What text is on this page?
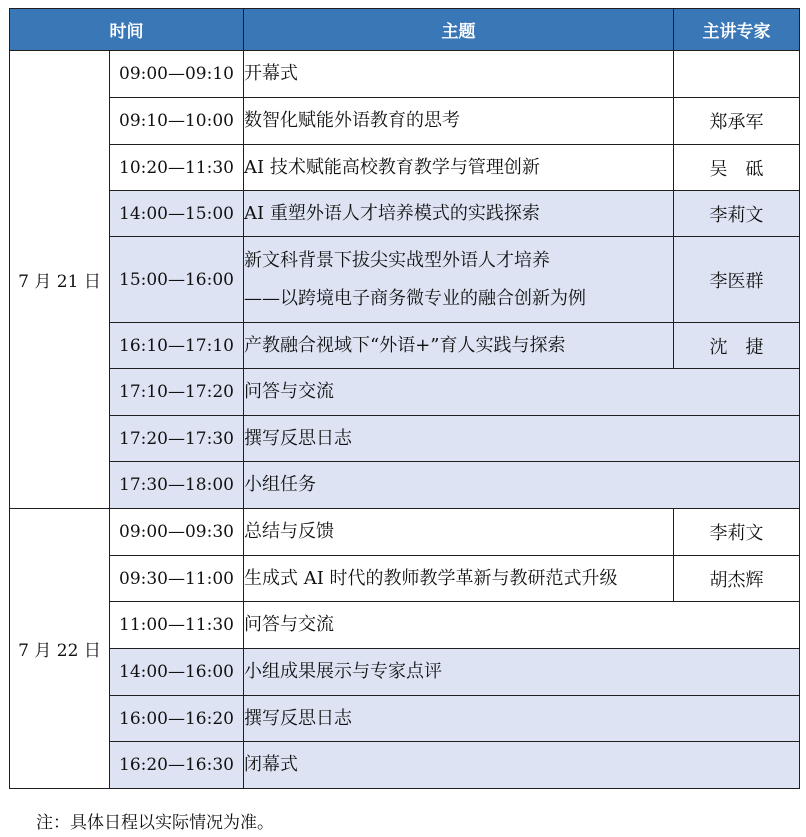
时间		主题	主讲专家
7 月 21 日	09:00—09:10	开幕式	

	09:10—10:00	数智化赋能外语教育的思考	郑承军
	10:20—11:30	AI 技术赋能高校教育教学与管理创新	吴　砥
	14:00—15:00	AI 重塑外语人才培养模式的实践探索	李莉文
	15:00—16:00	新文科背景下拔尖实战型外语人才培养
——以跨境电子商务微专业的融合创新为例	李医群
	16:10—17:10	产教融合视域下“外语+”育人实践与探索	沈　捷
	17:10—17:20	问答与交流	

	17:20—17:30	撰写反思日志	

	17:30—18:00	小组任务	

7 月 22 日	09:00—09:30	总结与反馈	李莉文
	09:30—11:00	生成式 AI 时代的教师教学革新与教研范式升级	胡杰辉
	11:00—11:30	问答与交流	

	14:00—16:00	小组成果展示与专家点评	

	16:00—16:20	撰写反思日志	

	16:20—16:30	闭幕式	
注：具体日程以实际情况为准。
